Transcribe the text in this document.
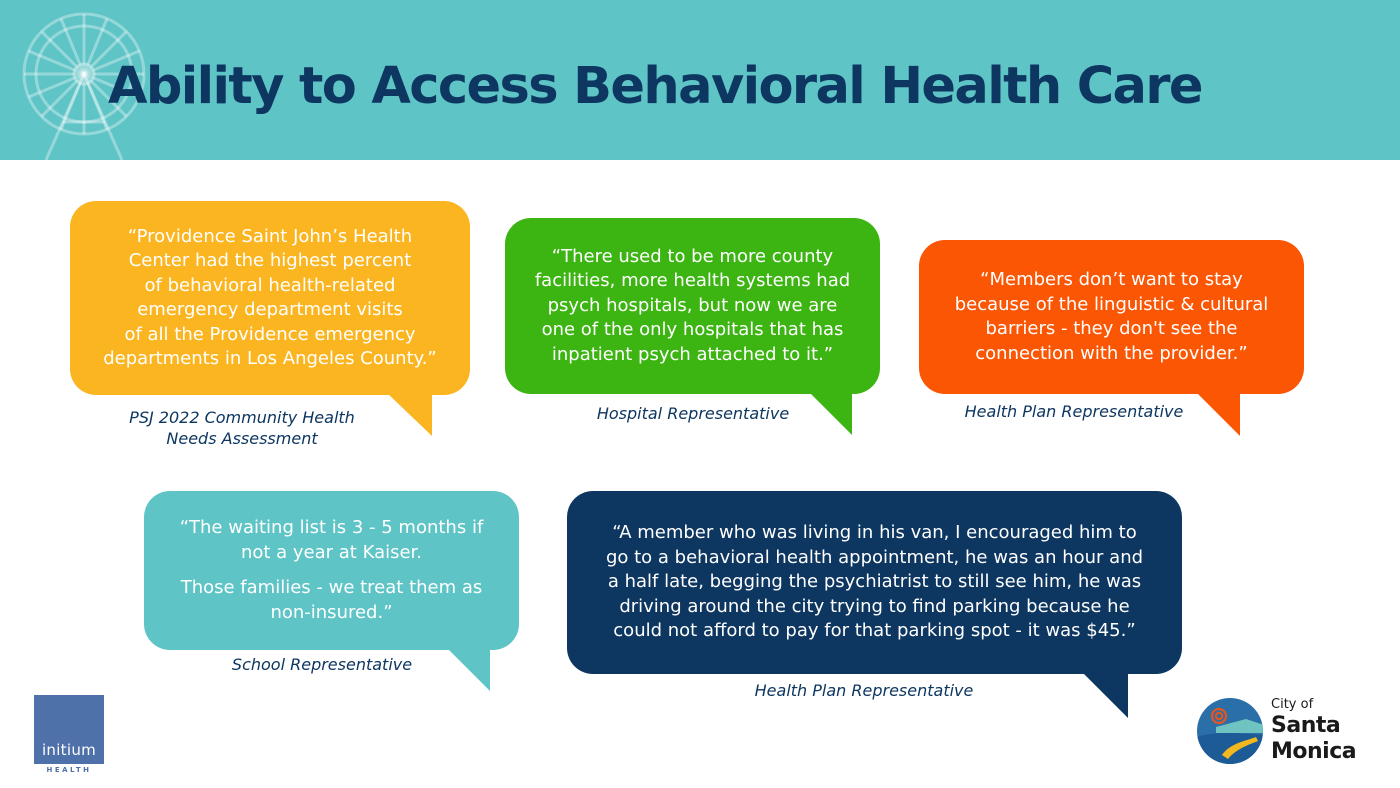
Ability to Access Behavioral Health Care

“Providence Saint John’s Health
Center had the highest percent
of behavioral health-related
emergency department visits
of all the Providence emergency
departments in Los Angeles County.”

PSJ 2022 Community Health
Needs Assessment

“There used to be more county
facilities, more health systems had
psych hospitals, but now we are
one of the only hospitals that has
inpatient psych attached to it.”

Hospital Representative

“Members don’t want to stay
because of the linguistic & cultural
barriers - they don't see the
connection with the provider.”

Health Plan Representative

“The waiting list is 3 - 5 months if
not a year at Kaiser.

Those families - we treat them as
non-insured.”

School Representative

“A member who was living in his van, I encouraged him to
go to a behavioral health appointment, he was an hour and
a half late, begging the psychiatrist to still see him, he was
driving around the city trying to find parking because he
could not afford to pay for that parking spot - it was $45.”

Health Plan Representative
initium
HEALTH
City of
Santa
Monica
